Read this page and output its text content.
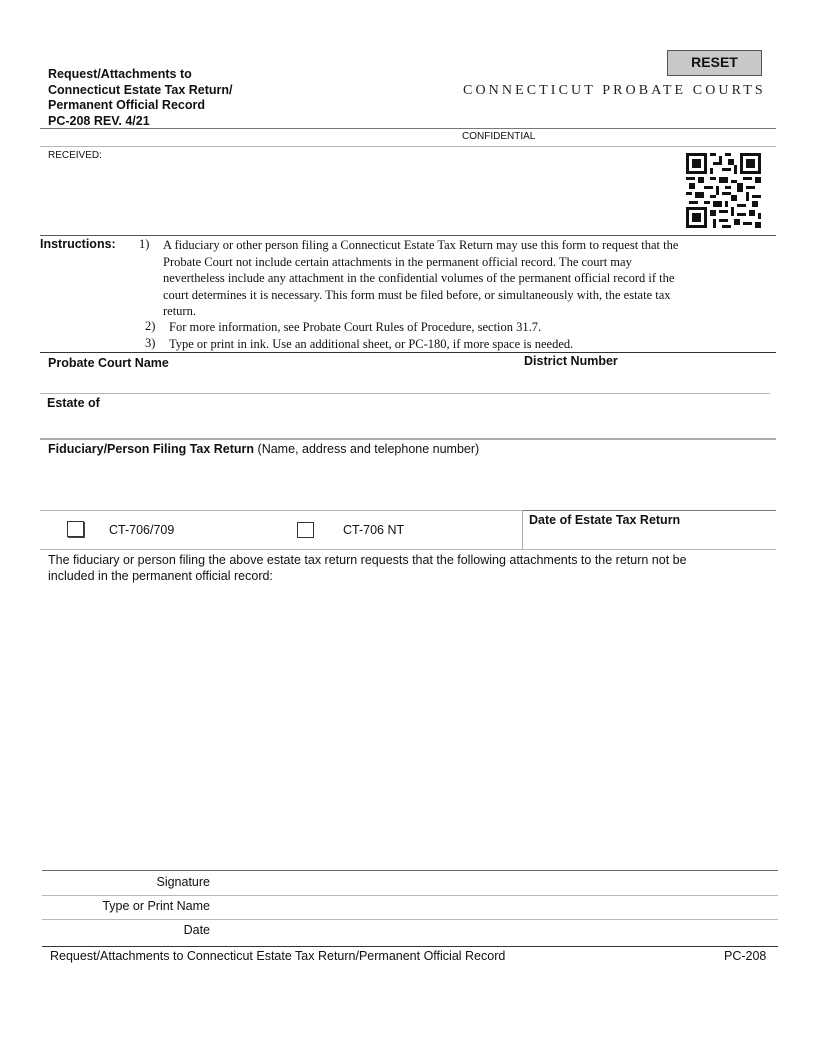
Request/Attachments to
Connecticut Estate Tax Return/
Permanent Official Record
PC-208 REV. 4/21
RESET
CONNECTICUT PROBATE COURTS
CONFIDENTIAL
RECEIVED:
Instructions: 1) A fiduciary or other person filing a Connecticut Estate Tax Return may use this form to request that the
Probate Court not include certain attachments in the permanent official record. The court may
nevertheless include any attachment in the confidential volumes of the permanent official record if the
court determines it is necessary. This form must be filed before, or simultaneously with, the estate tax
return.
2) For more information, see Probate Court Rules of Procedure, section 31.7.
3) Type or print in ink. Use an additional sheet, or PC-180, if more space is needed.
Probate Court Name	District Number
Estate of
Fiduciary/Person Filing Tax Return (Name, address and telephone number)
CT-706/709	CT-706 NT
Date of Estate Tax Return
The fiduciary or person filing the above estate tax return requests that the following attachments to the return not be
included in the permanent official record:
Signature
Type or Print Name
Date
Request/Attachments to Connecticut Estate Tax Return/Permanent Official Record	PC-208
